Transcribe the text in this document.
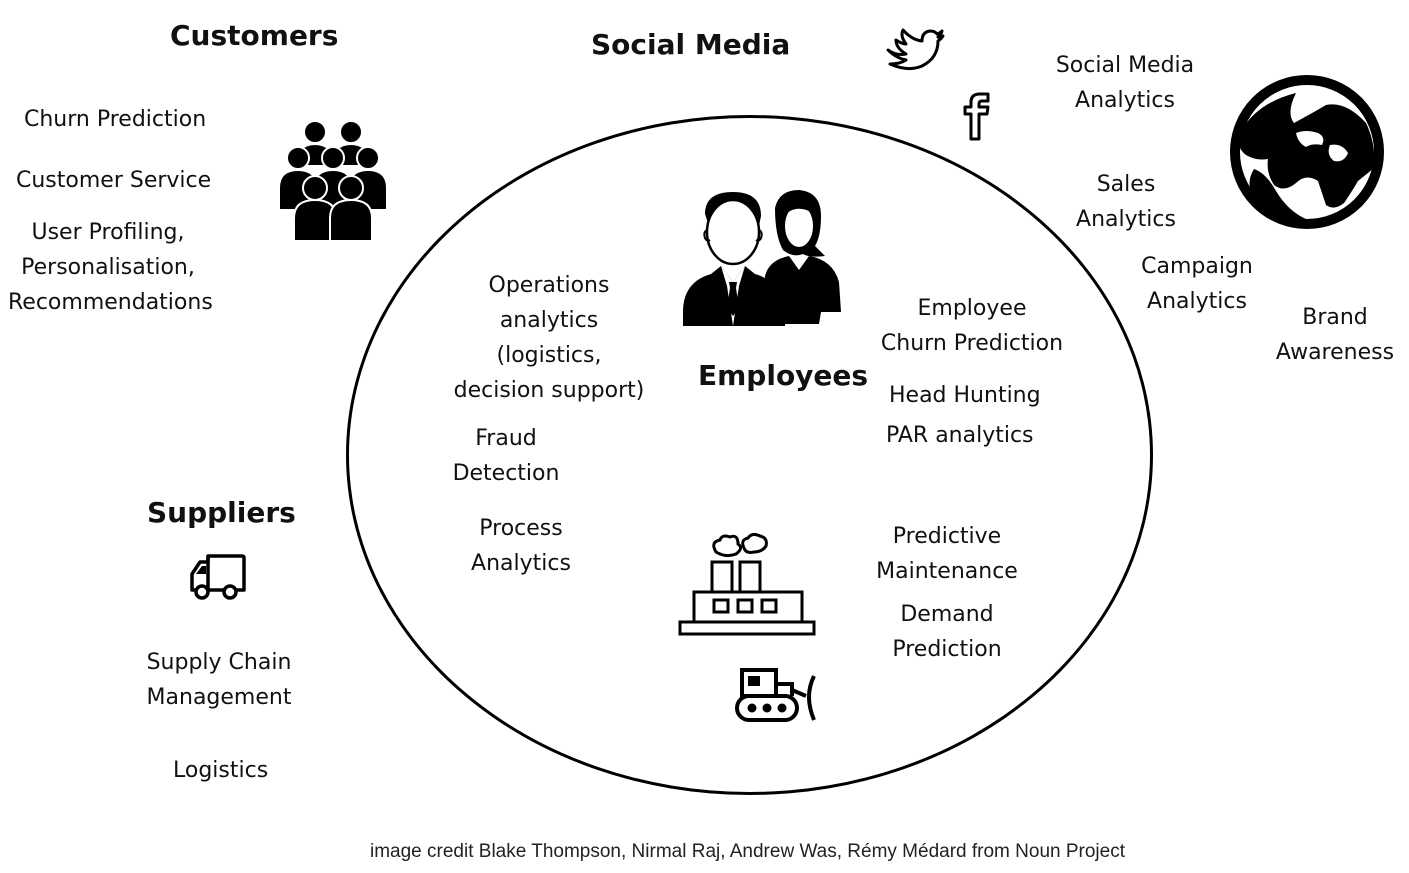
Customers	Social Media
Employees
Suppliers
Churn Prediction
Customer Service
User Profiling,
Personalisation,
Recommendations
Social Media
Analytics
Sales
Analytics
Campaign
Analytics
Brand
Awareness
Operations
analytics
(logistics,
decision support)
Fraud
Detection
Process
Analytics
Employee
Churn Prediction
Head Hunting
PAR analytics
Predictive
Maintenance
Demand
Prediction
Supply Chain
Management
Logistics
image credit Blake Thompson, Nirmal Raj, Andrew Was, Rémy Médard from Noun Project
